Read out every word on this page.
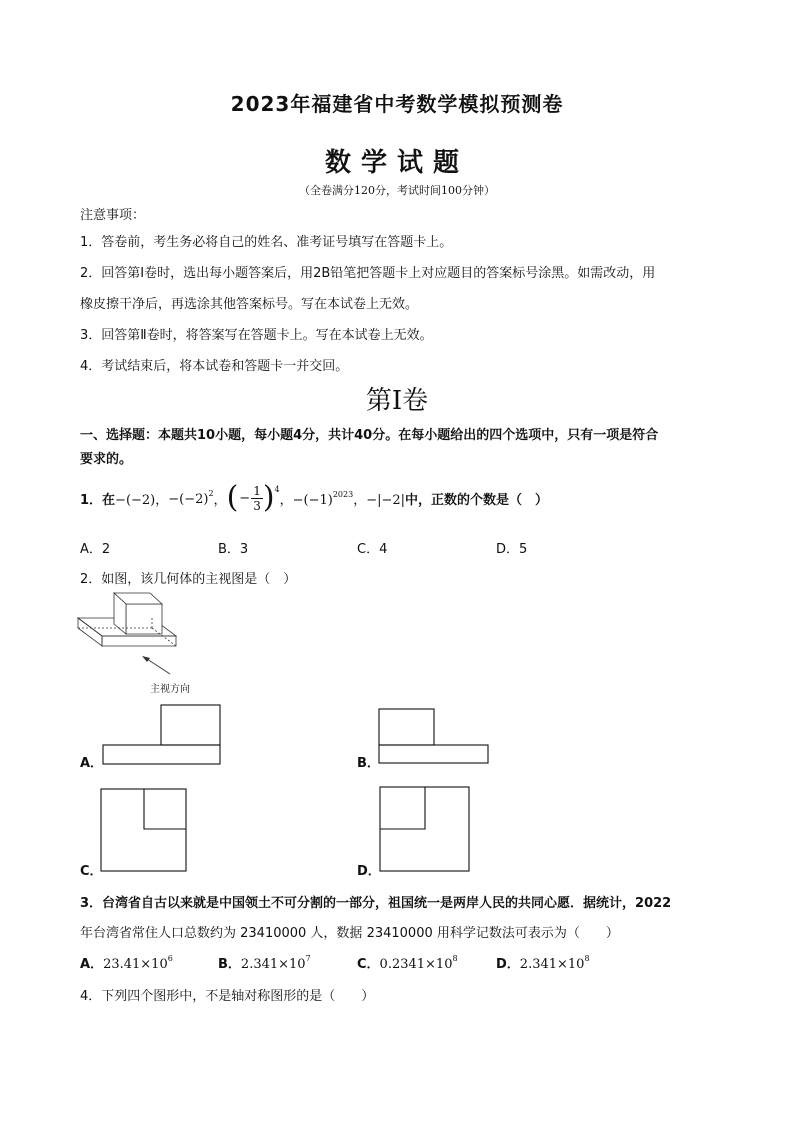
2023年福建省中考数学模拟预测卷
数学试题
（全卷满分120分，考试时间100分钟）
注意事项：
1．答卷前，考生务必将自己的姓名、准考证号填写在答题卡上。
2．回答第Ⅰ卷时，选出每小题答案后，用2B铅笔把答题卡上对应题目的答案标号涂黑。如需改动，用
橡皮擦干净后，再选涂其他答案标号。写在本试卷上无效。
3．回答第Ⅱ卷时，将答案写在答题卡上。写在本试卷上无效。
4．考试结束后，将本试卷和答题卡一并交回。
第Ⅰ卷
一、选择题：本题共10小题，每小题4分，共计40分。在每小题给出的四个选项中，只有一项是符合
要求的。
1．在 −(−2)， $-(-2)^2$ ， ( − $\frac{1}{3}$ ) 4
，$-(-1)^{2023}$ ，−|−2| 中，正数的个数是（　）
A．2	B．3	C．4	D．5
2．如图，该几何体的主视图是（　）
主视方向
A．	B．
C．	D．
3．台湾省自古以来就是中国领土不可分割的一部分，祖国统一是两岸人民的共同心愿．据统计，2022
年台湾省常住人口总数约为 23410000 人，数据 23410000 用科学记数法可表示为（　　）
A．$23.41\times 10^6$	B．$2.341\times 10^7$	C．$0.2341\times 10^8$	D．$2.341\times 10^8$
4．下列四个图形中，不是轴对称图形的是（　　）
